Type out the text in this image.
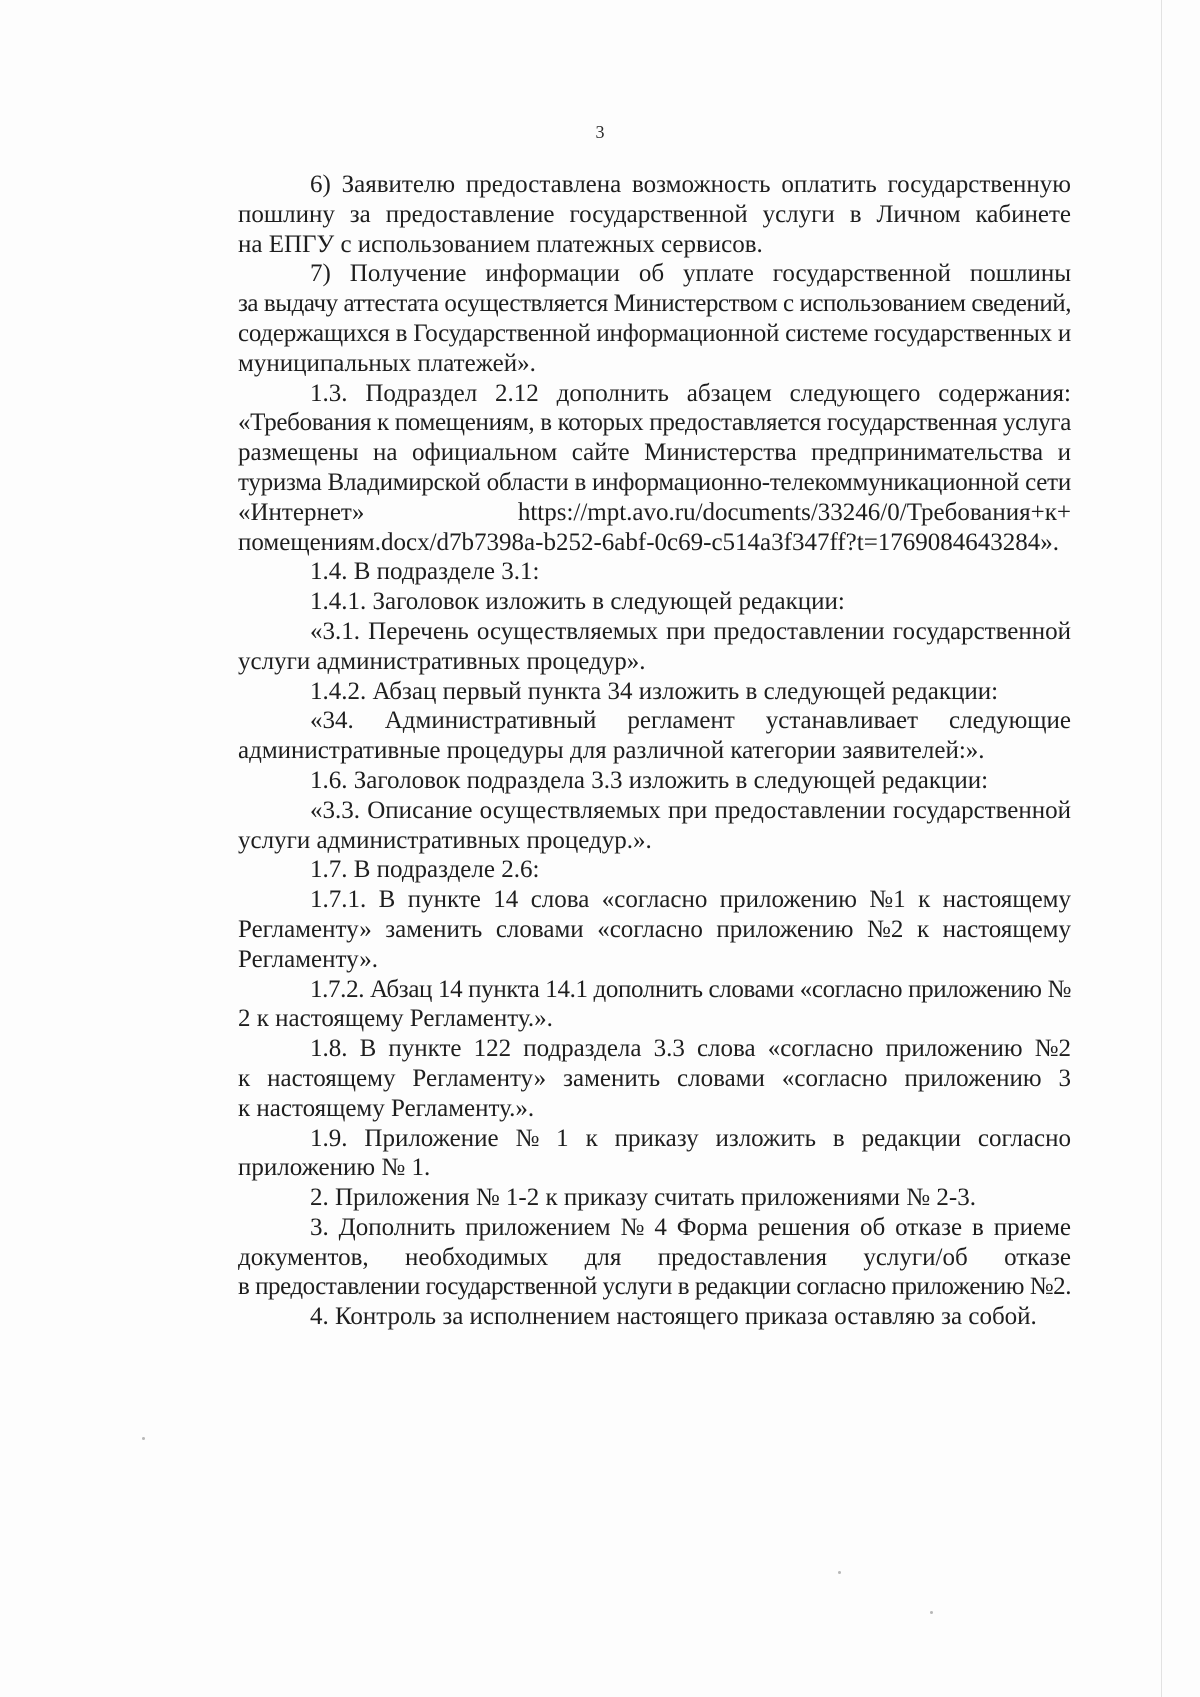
3

6) Заявителю предоставлена возможность оплатить государственную
пошлину за предоставление государственной услуги в Личном кабинете
на ЕПГУ с использованием платежных сервисов.

7) Получение информации об уплате государственной пошлины
за выдачу аттестата осуществляется Министерством с использованием сведений,
содержащихся в Государственной информационной системе государственных и
муниципальных платежей».

1.3. Подраздел 2.12 дополнить абзацем следующего содержания:
«Требования к помещениям, в которых предоставляется государственная услуга
размещены на официальном сайте Министерства предпринимательства и
туризма Владимирской области в информационно-телекоммуникационной сети
«Интернет» https://mpt.avo.ru/documents/33246/0/Требования+к+
помещениям.docx/d7b7398a-b252-6abf-0c69-c514a3f347ff?t=1769084643284».

1.4. В подразделе 3.1:

1.4.1. Заголовок изложить в следующей редакции:

«3.1. Перечень осуществляемых при предоставлении государственной
услуги административных процедур».

1.4.2. Абзац первый пункта 34 изложить в следующей редакции:

«34. Административный регламент устанавливает следующие
административные процедуры для различной категории заявителей:».

1.6. Заголовок подраздела 3.3 изложить в следующей редакции:

«3.3. Описание осуществляемых при предоставлении государственной
услуги административных процедур.».

1.7. В подразделе 2.6:

1.7.1. В пункте 14 слова «согласно приложению №1 к настоящему
Регламенту» заменить словами «согласно приложению №2 к настоящему
Регламенту».

1.7.2. Абзац 14 пункта 14.1 дополнить словами «согласно приложению №
2 к настоящему Регламенту.».

1.8. В пункте 122 подраздела 3.3 слова «согласно приложению №2
к настоящему Регламенту» заменить словами «согласно приложению 3
к настоящему Регламенту.».

1.9. Приложение № 1 к приказу изложить в редакции согласно
приложению № 1.

2. Приложения № 1-2 к приказу считать приложениями № 2-3.

3. Дополнить приложением № 4 Форма решения об отказе в приеме
документов, необходимых для предоставления услуги/об отказе
в предоставлении государственной услуги в редакции согласно приложению №2.

4. Контроль за исполнением настоящего приказа оставляю за собой.
